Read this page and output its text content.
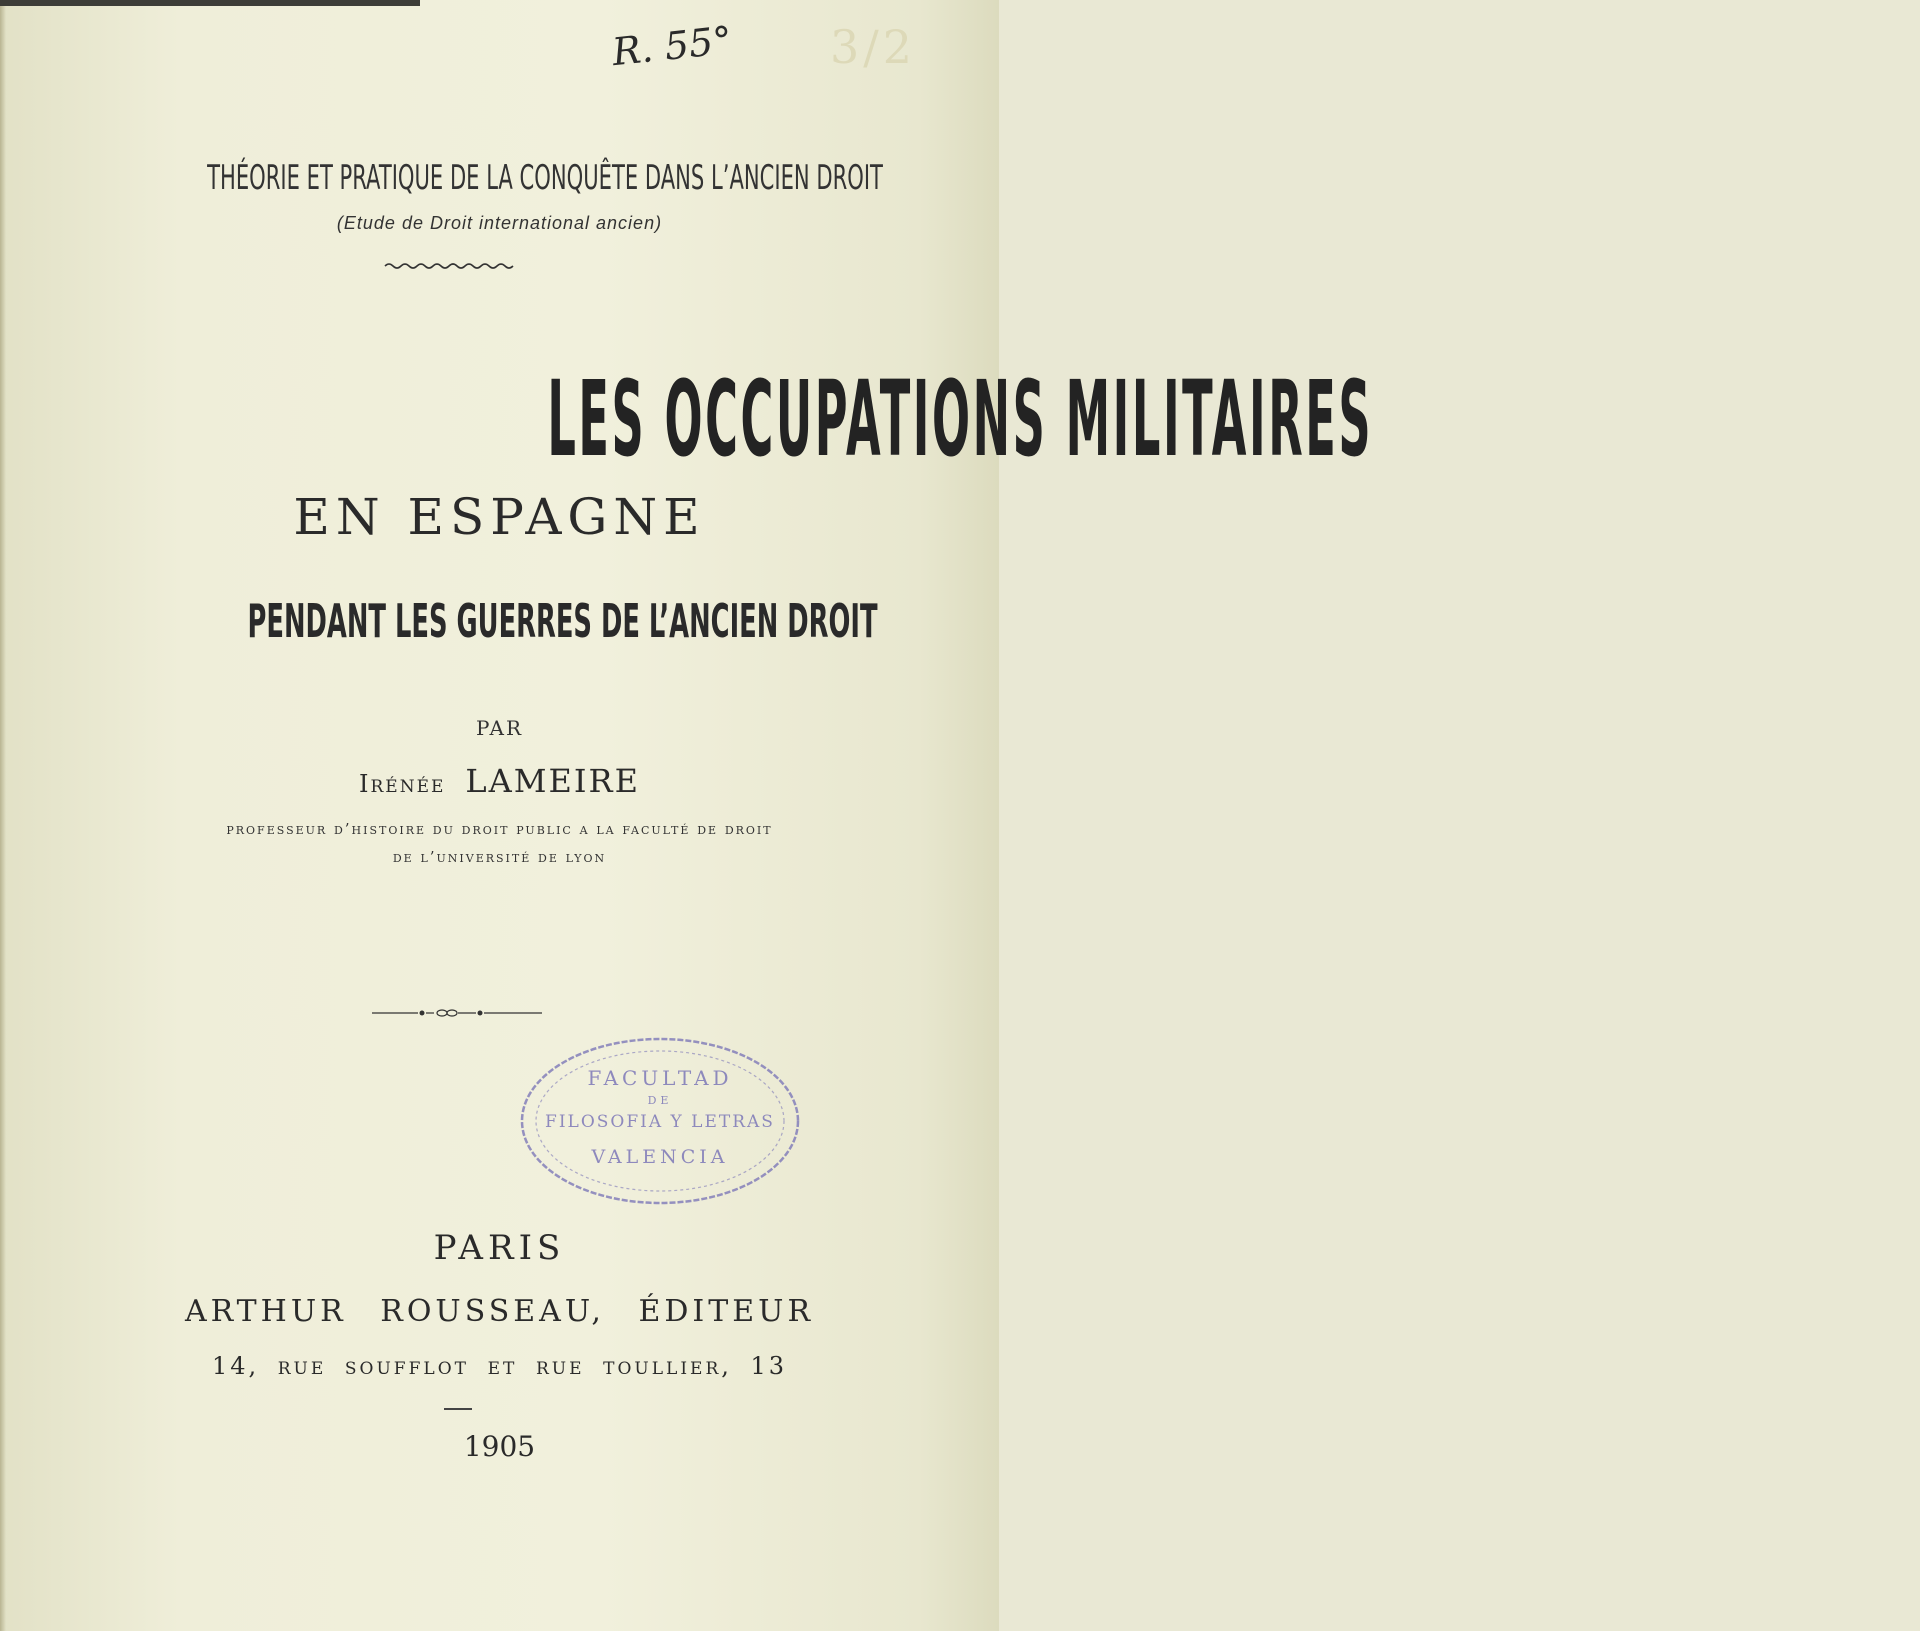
R. 55° 3/2
THÉORIE ET PRATIQUE DE LA CONQUÊTE DANS L’ANCIEN DROIT
(Etude de Droit international ancien)
LES OCCUPATIONS MILITAIRES
EN ESPAGNE
PENDANT LES GUERRES DE L’ANCIEN DROIT
PAR
Irénée LAMEIRE
professeur d’histoire du droit public a la faculté de droit
de l’université de lyon
FACULTAD
DE
FILOSOFIA Y LETRAS
VALENCIA
PARIS
ARTHUR ROUSSEAU, ÉDITEUR
14, rue soufflot et rue toullier, 13
1905
